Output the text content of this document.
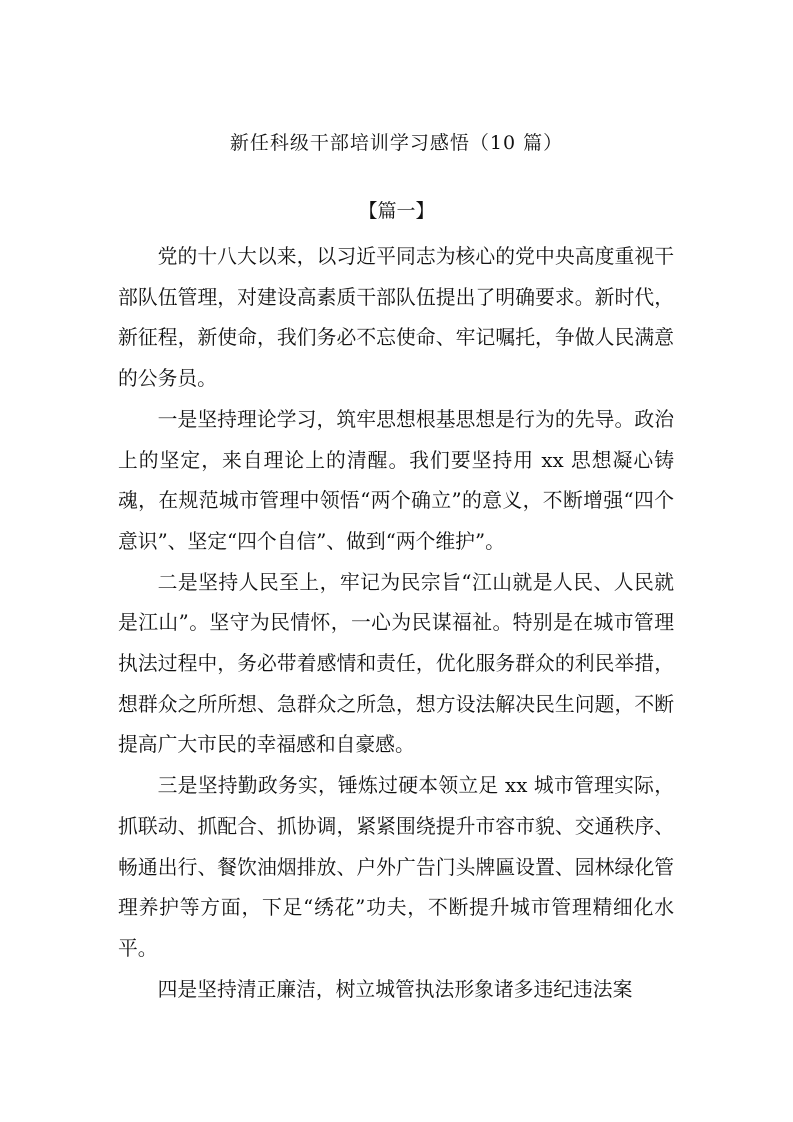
新任科级干部培训学习感悟（10 篇）
【篇一】

党的十八大以来，以习近平同志为核心的党中央高度重视干部队伍管理，对建设高素质干部队伍提出了明确要求。新时代，新征程，新使命，我们务必不忘使命、牢记嘱托，争做人民满意的公务员。

一是坚持理论学习，筑牢思想根基思想是行为的先导。政治上的坚定，来自理论上的清醒。我们要坚持用 xx 思想凝心铸魂，在规范城市管理中领悟“两个确立”的意义，不断增强“四个意识”、坚定“四个自信”、做到“两个维护”。

二是坚持人民至上，牢记为民宗旨“江山就是人民、人民就是江山”。坚守为民情怀，一心为民谋福祉。特别是在城市管理执法过程中，务必带着感情和责任，优化服务群众的利民举措，想群众之所所想、急群众之所急，想方设法解决民生问题，不断提高广大市民的幸福感和自豪感。

三是坚持勤政务实，锤炼过硬本领立足 xx 城市管理实际，抓联动、抓配合、抓协调，紧紧围绕提升市容市貌、交通秩序、畅通出行、餐饮油烟排放、户外广告门头牌匾设置、园林绿化管理养护等方面，下足“绣花”功夫，不断提升城市管理精细化水平。

四是坚持清正廉洁，树立城管执法形象诸多违纪违法案
